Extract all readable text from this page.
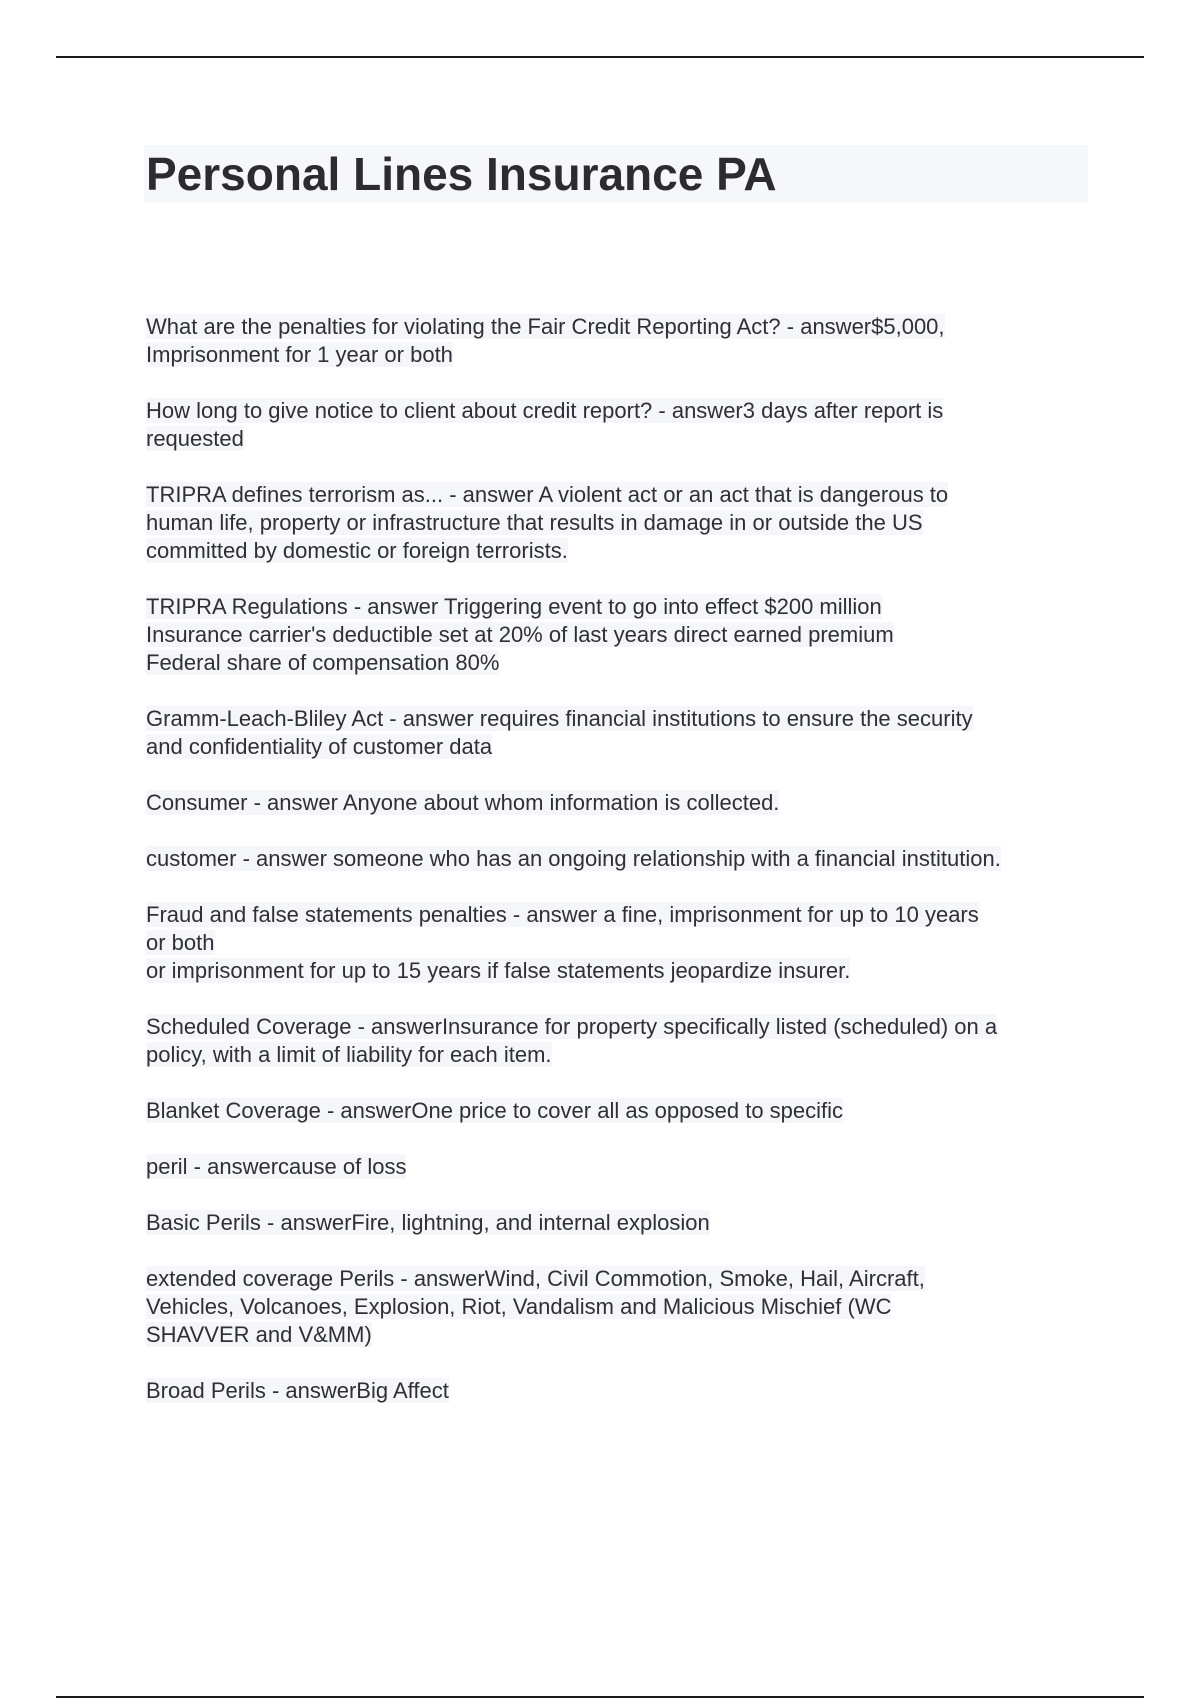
Personal Lines Insurance PA
What are the penalties for violating the Fair Credit Reporting Act? - answer$5,000,
Imprisonment for 1 year or both
How long to give notice to client about credit report? - answer3 days after report is
requested
TRIPRA defines terrorism as... - answer A violent act or an act that is dangerous to
human life, property or infrastructure that results in damage in or outside the US
committed by domestic or foreign terrorists.
TRIPRA Regulations - answer Triggering event to go into effect $200 million
Insurance carrier's deductible set at 20% of last years direct earned premium
Federal share of compensation 80%
Gramm-Leach-Bliley Act - answer requires financial institutions to ensure the security
and confidentiality of customer data
Consumer - answer Anyone about whom information is collected.
customer - answer someone who has an ongoing relationship with a financial institution.
Fraud and false statements penalties - answer a fine, imprisonment for up to 10 years
or both
or imprisonment for up to 15 years if false statements jeopardize insurer.
Scheduled Coverage - answerInsurance for property specifically listed (scheduled) on a
policy, with a limit of liability for each item.
Blanket Coverage - answerOne price to cover all as opposed to specific
peril - answercause of loss
Basic Perils - answerFire, lightning, and internal explosion
extended coverage Perils - answerWind, Civil Commotion, Smoke, Hail, Aircraft,
Vehicles, Volcanoes, Explosion, Riot, Vandalism and Malicious Mischief (WC
SHAVVER and V&MM)
Broad Perils - answerBig Affect
